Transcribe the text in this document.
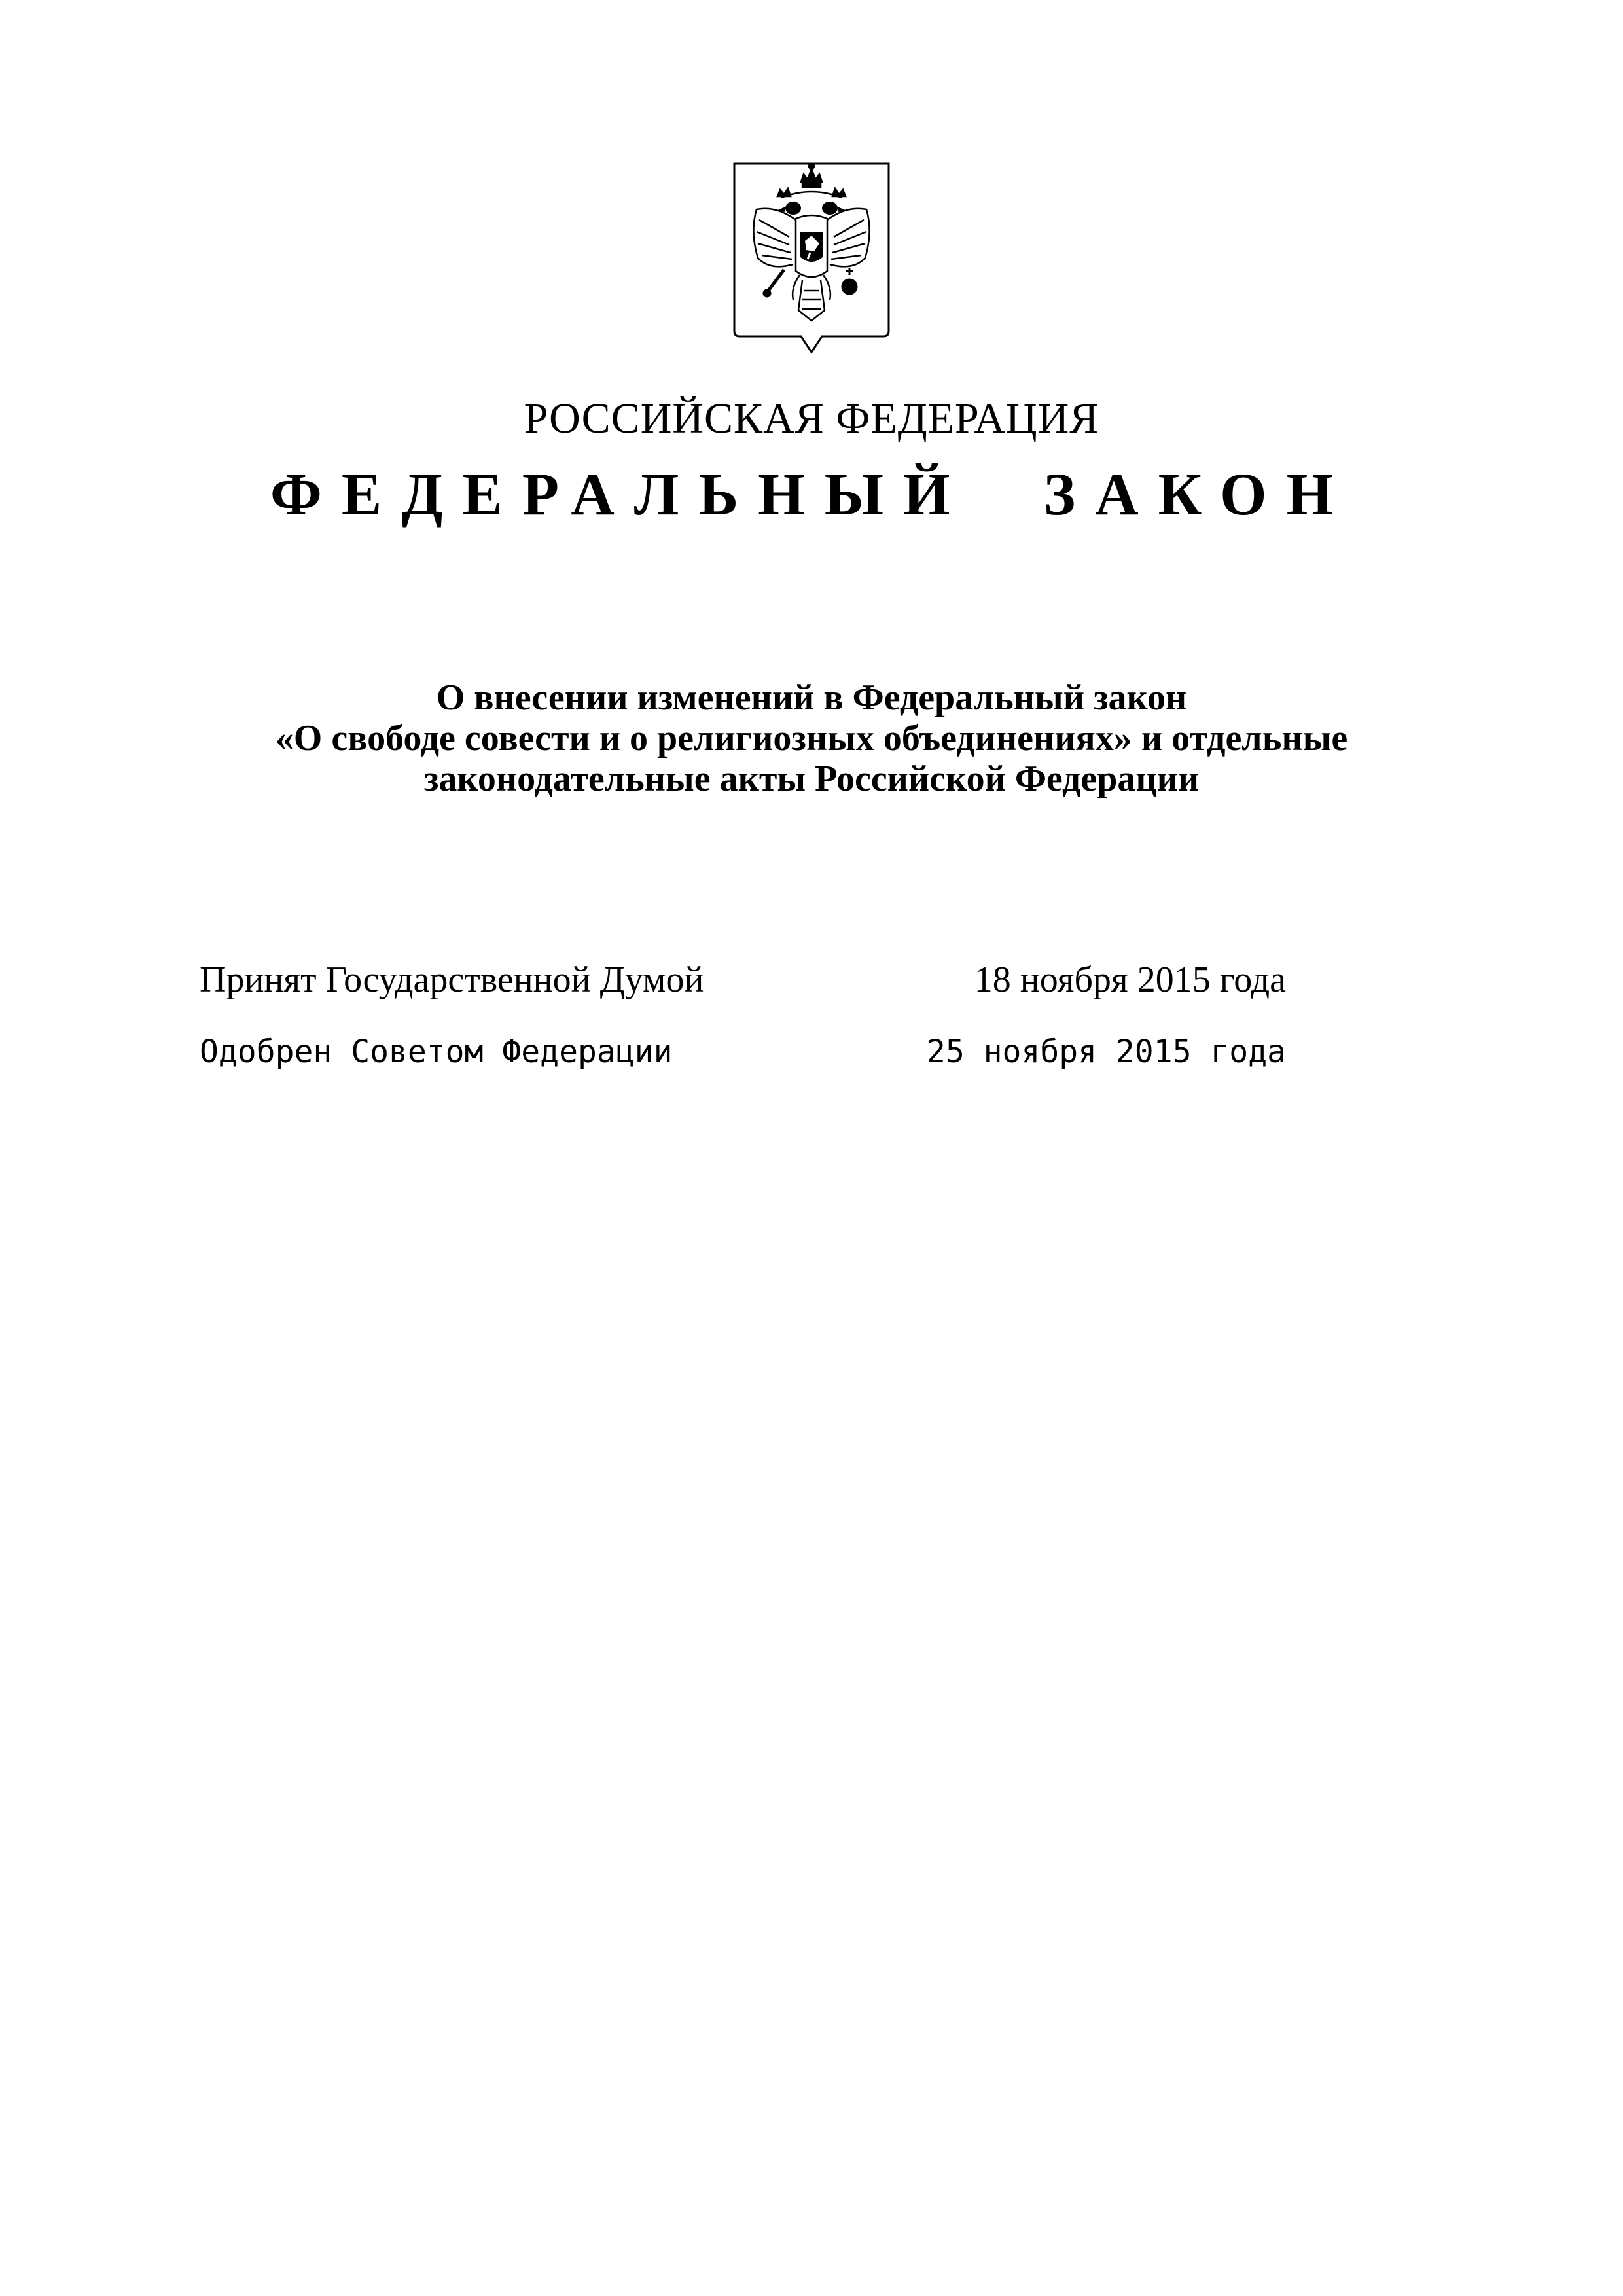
РОССИЙСКАЯ ФЕДЕРАЦИЯ
ФЕДЕРАЛЬНЫЙ ЗАКОН
О внесении изменений в Федеральный закон
«О свободе совести и о религиозных объединениях» и отдельные
законодательные акты Российской Федерации
Принят Государственной Думой	18 ноября 2015 года
Одобрен Советом Федерации	25 ноября 2015 года
